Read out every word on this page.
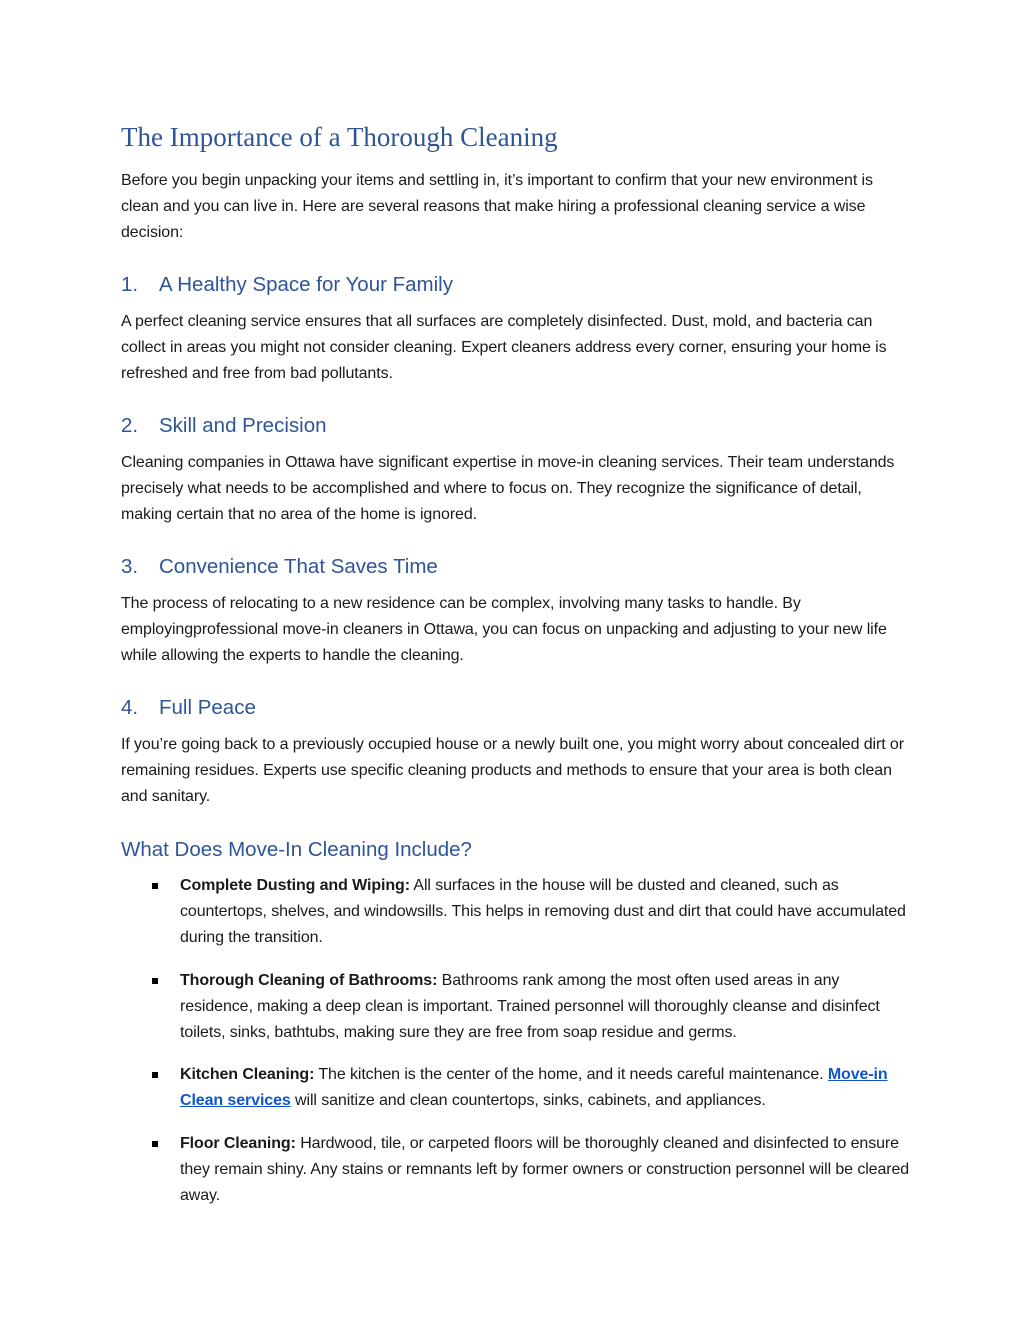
The Importance of a Thorough Cleaning

Before you begin unpacking your items and settling in, it’s important to confirm that your new environment is clean and you can live in. Here are several reasons that make hiring a professional cleaning service a wise decision:

1.	A Healthy Space for Your Family

A perfect cleaning service ensures that all surfaces are completely disinfected. Dust, mold, and bacteria can collect in areas you might not consider cleaning. Expert cleaners address every corner, ensuring your home is refreshed and free from bad pollutants.

2.	Skill and Precision

Cleaning companies in Ottawa have significant expertise in move-in cleaning services. Their team understands precisely what needs to be accomplished and where to focus on. They recognize the significance of detail, making certain that no area of the home is ignored.

3.	Convenience That Saves Time

The process of relocating to a new residence can be complex, involving many tasks to handle. By employingprofessional move-in cleaners in Ottawa, you can focus on unpacking and adjusting to your new life while allowing the experts to handle the cleaning.

4.	Full Peace

If you’re going back to a previously occupied house or a newly built one, you might worry about concealed dirt or remaining residues. Experts use specific cleaning products and methods to ensure that your area is both clean and sanitary.

What Does Move-In Cleaning Include?
Complete Dusting and Wiping: All surfaces in the house will be dusted and cleaned, such as countertops, shelves, and windowsills. This helps in removing dust and dirt that could have accumulated during the transition.
Thorough Cleaning of Bathrooms: Bathrooms rank among the most often used areas in any residence, making a deep clean is important. Trained personnel will thoroughly cleanse and disinfect toilets, sinks, bathtubs, making sure they are free from soap residue and germs.
Kitchen Cleaning: The kitchen is the center of the home, and it needs careful maintenance. Move-in Clean services will sanitize and clean countertops, sinks, cabinets, and appliances.
Floor Cleaning: Hardwood, tile, or carpeted floors will be thoroughly cleaned and disinfected to ensure they remain shiny. Any stains or remnants left by former owners or construction personnel will be cleared away.
